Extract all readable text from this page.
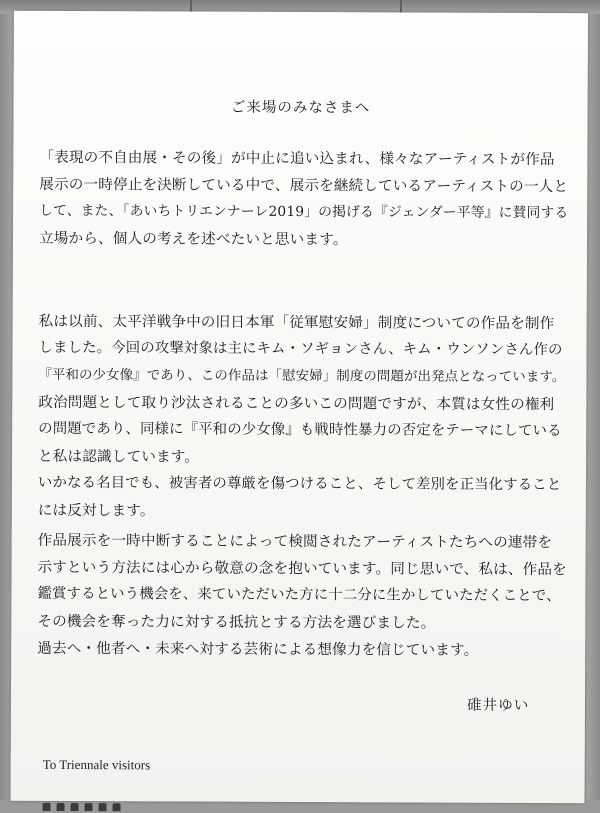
ご来場のみなさまへ
「表現の不自由展・その後」が中止に追い込まれ、様々なアーティストが作品
展示の一時停止を決断している中で、展示を継続しているアーティストの一人と
して、また、「あいちトリエンナーレ2019」の掲げる『ジェンダー平等』に賛同する
立場から、個人の考えを述べたいと思います。
私は以前、太平洋戦争中の旧日本軍「従軍慰安婦」制度についての作品を制作
しました。今回の攻撃対象は主にキム・ソギョンさん、キム・ウンソンさん作の
『平和の少女像』であり、この作品は「慰安婦」制度の問題が出発点となっています。
政治問題として取り沙汰されることの多いこの問題ですが、本質は女性の権利
の問題であり、同様に『平和の少女像』も戦時性暴力の否定をテーマにしている
と私は認識しています。
いかなる名目でも、被害者の尊厳を傷つけること、そして差別を正当化すること
には反対します。
作品展示を一時中断することによって検閲されたアーティストたちへの連帯を
示すという方法には心から敬意の念を抱いています。同じ思いで、私は、作品を
鑑賞するという機会を、来ていただいた方に十二分に生かしていただくことで、
その機会を奪った力に対する抵抗とする方法を選びました。
過去へ・他者へ・未来へ対する芸術による想像力を信じています。
碓井ゆい
To Triennale visitors
